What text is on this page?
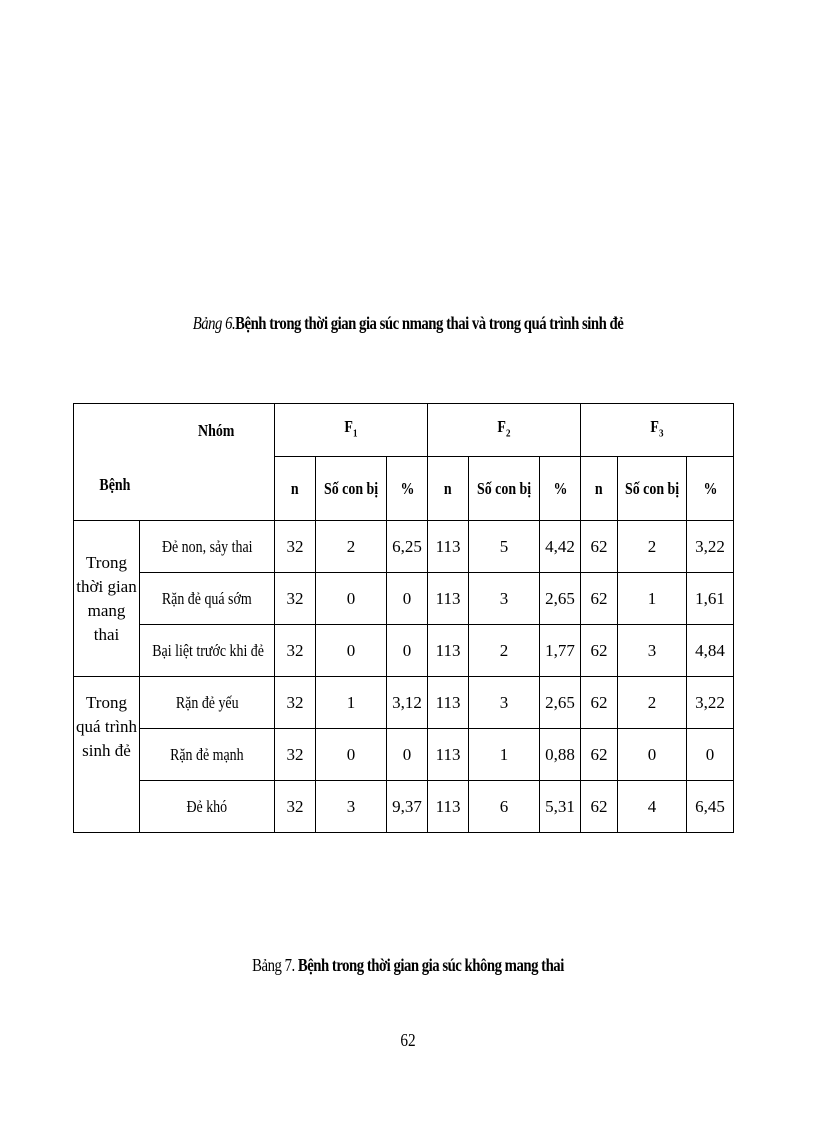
Bảng 6.Bệnh trong thời gian gia súc nmang thai và trong quá trình sinh đẻ
Nhóm
Bệnh		$F_1$			$F_2$			$F_3$
		n	Số con bị	%	n	Số con bị	%	n	Số con bị	%
Trong thời gian mang thai	Đẻ non, sảy thai	32	2	6,25	113	5	4,42	62	2	3,22
	Rặn đẻ quá sớm	32	0	0	113	3	2,65	62	1	1,61
	Bại liệt trước khi đẻ	32	0	0	113	2	1,77	62	3	4,84
Trong quá trình sinh đẻ	Rặn đẻ yếu	32	1	3,12	113	3	2,65	62	2	3,22
	Rặn đẻ mạnh	32	0	0	113	1	0,88	62	0	0
	Đẻ khó	32	3	9,37	113	6	5,31	62	4	6,45
Bảng 7. Bệnh trong thời gian gia súc không mang thai
62
